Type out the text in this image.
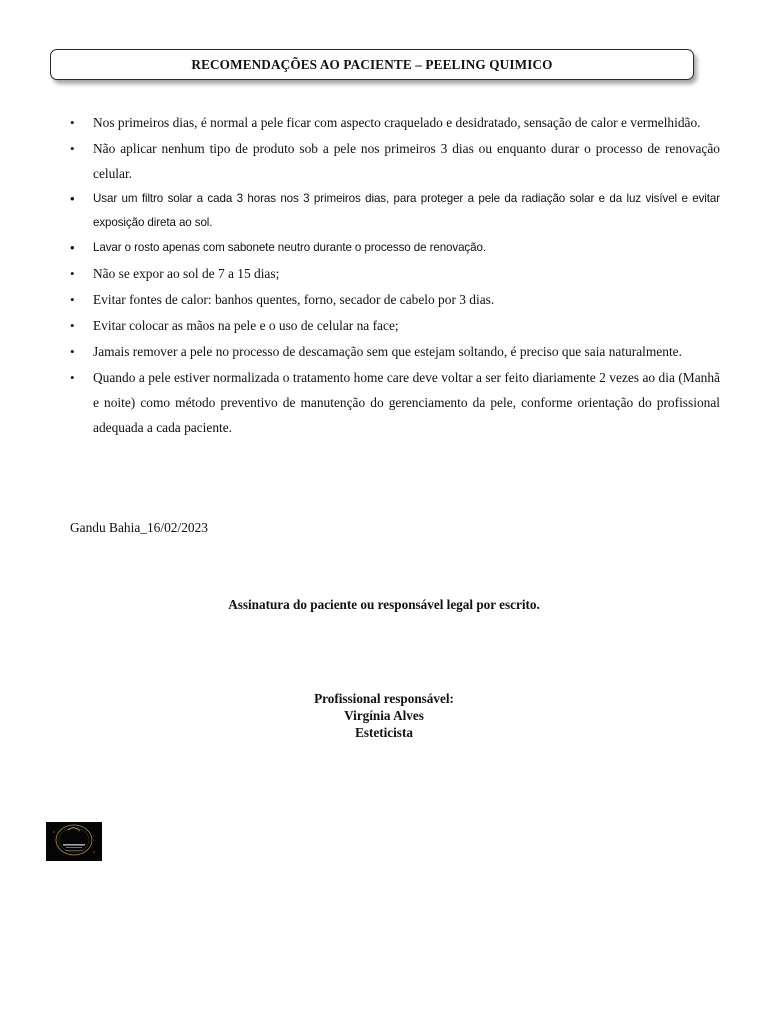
RECOMENDAÇÕES AO PACIENTE – PEELING QUIMICO
• Nos primeiros dias, é normal a pele ficar com aspecto craquelado e desidratado, sensação de calor e vermelhidão.
• Não aplicar nenhum tipo de produto sob a pele nos primeiros 3 dias ou enquanto durar o processo de renovação celular.
• Usar um filtro solar a cada 3 horas nos 3 primeiros dias, para proteger a pele da radiação solar e da luz visível e evitar exposição direta ao sol.
• Lavar o rosto apenas com sabonete neutro durante o processo de renovação.
• Não se expor ao sol de 7 a 15 dias;
• Evitar fontes de calor: banhos quentes, forno, secador de cabelo por 3 dias.
• Evitar colocar as mãos na pele e o uso de celular na face;
• Jamais remover a pele no processo de descamação sem que estejam soltando, é preciso que saia naturalmente.
• Quando a pele estiver normalizada o tratamento home care deve voltar a ser feito diariamente 2 vezes ao dia (Manhã e noite) como método preventivo de manutenção do gerenciamento da pele, conforme orientação do profissional adequada a cada paciente.
Gandu Bahia_16/02/2023
Assinatura do paciente ou responsável legal por escrito.
Profissional responsável:
Virgínia Alves
Esteticista
